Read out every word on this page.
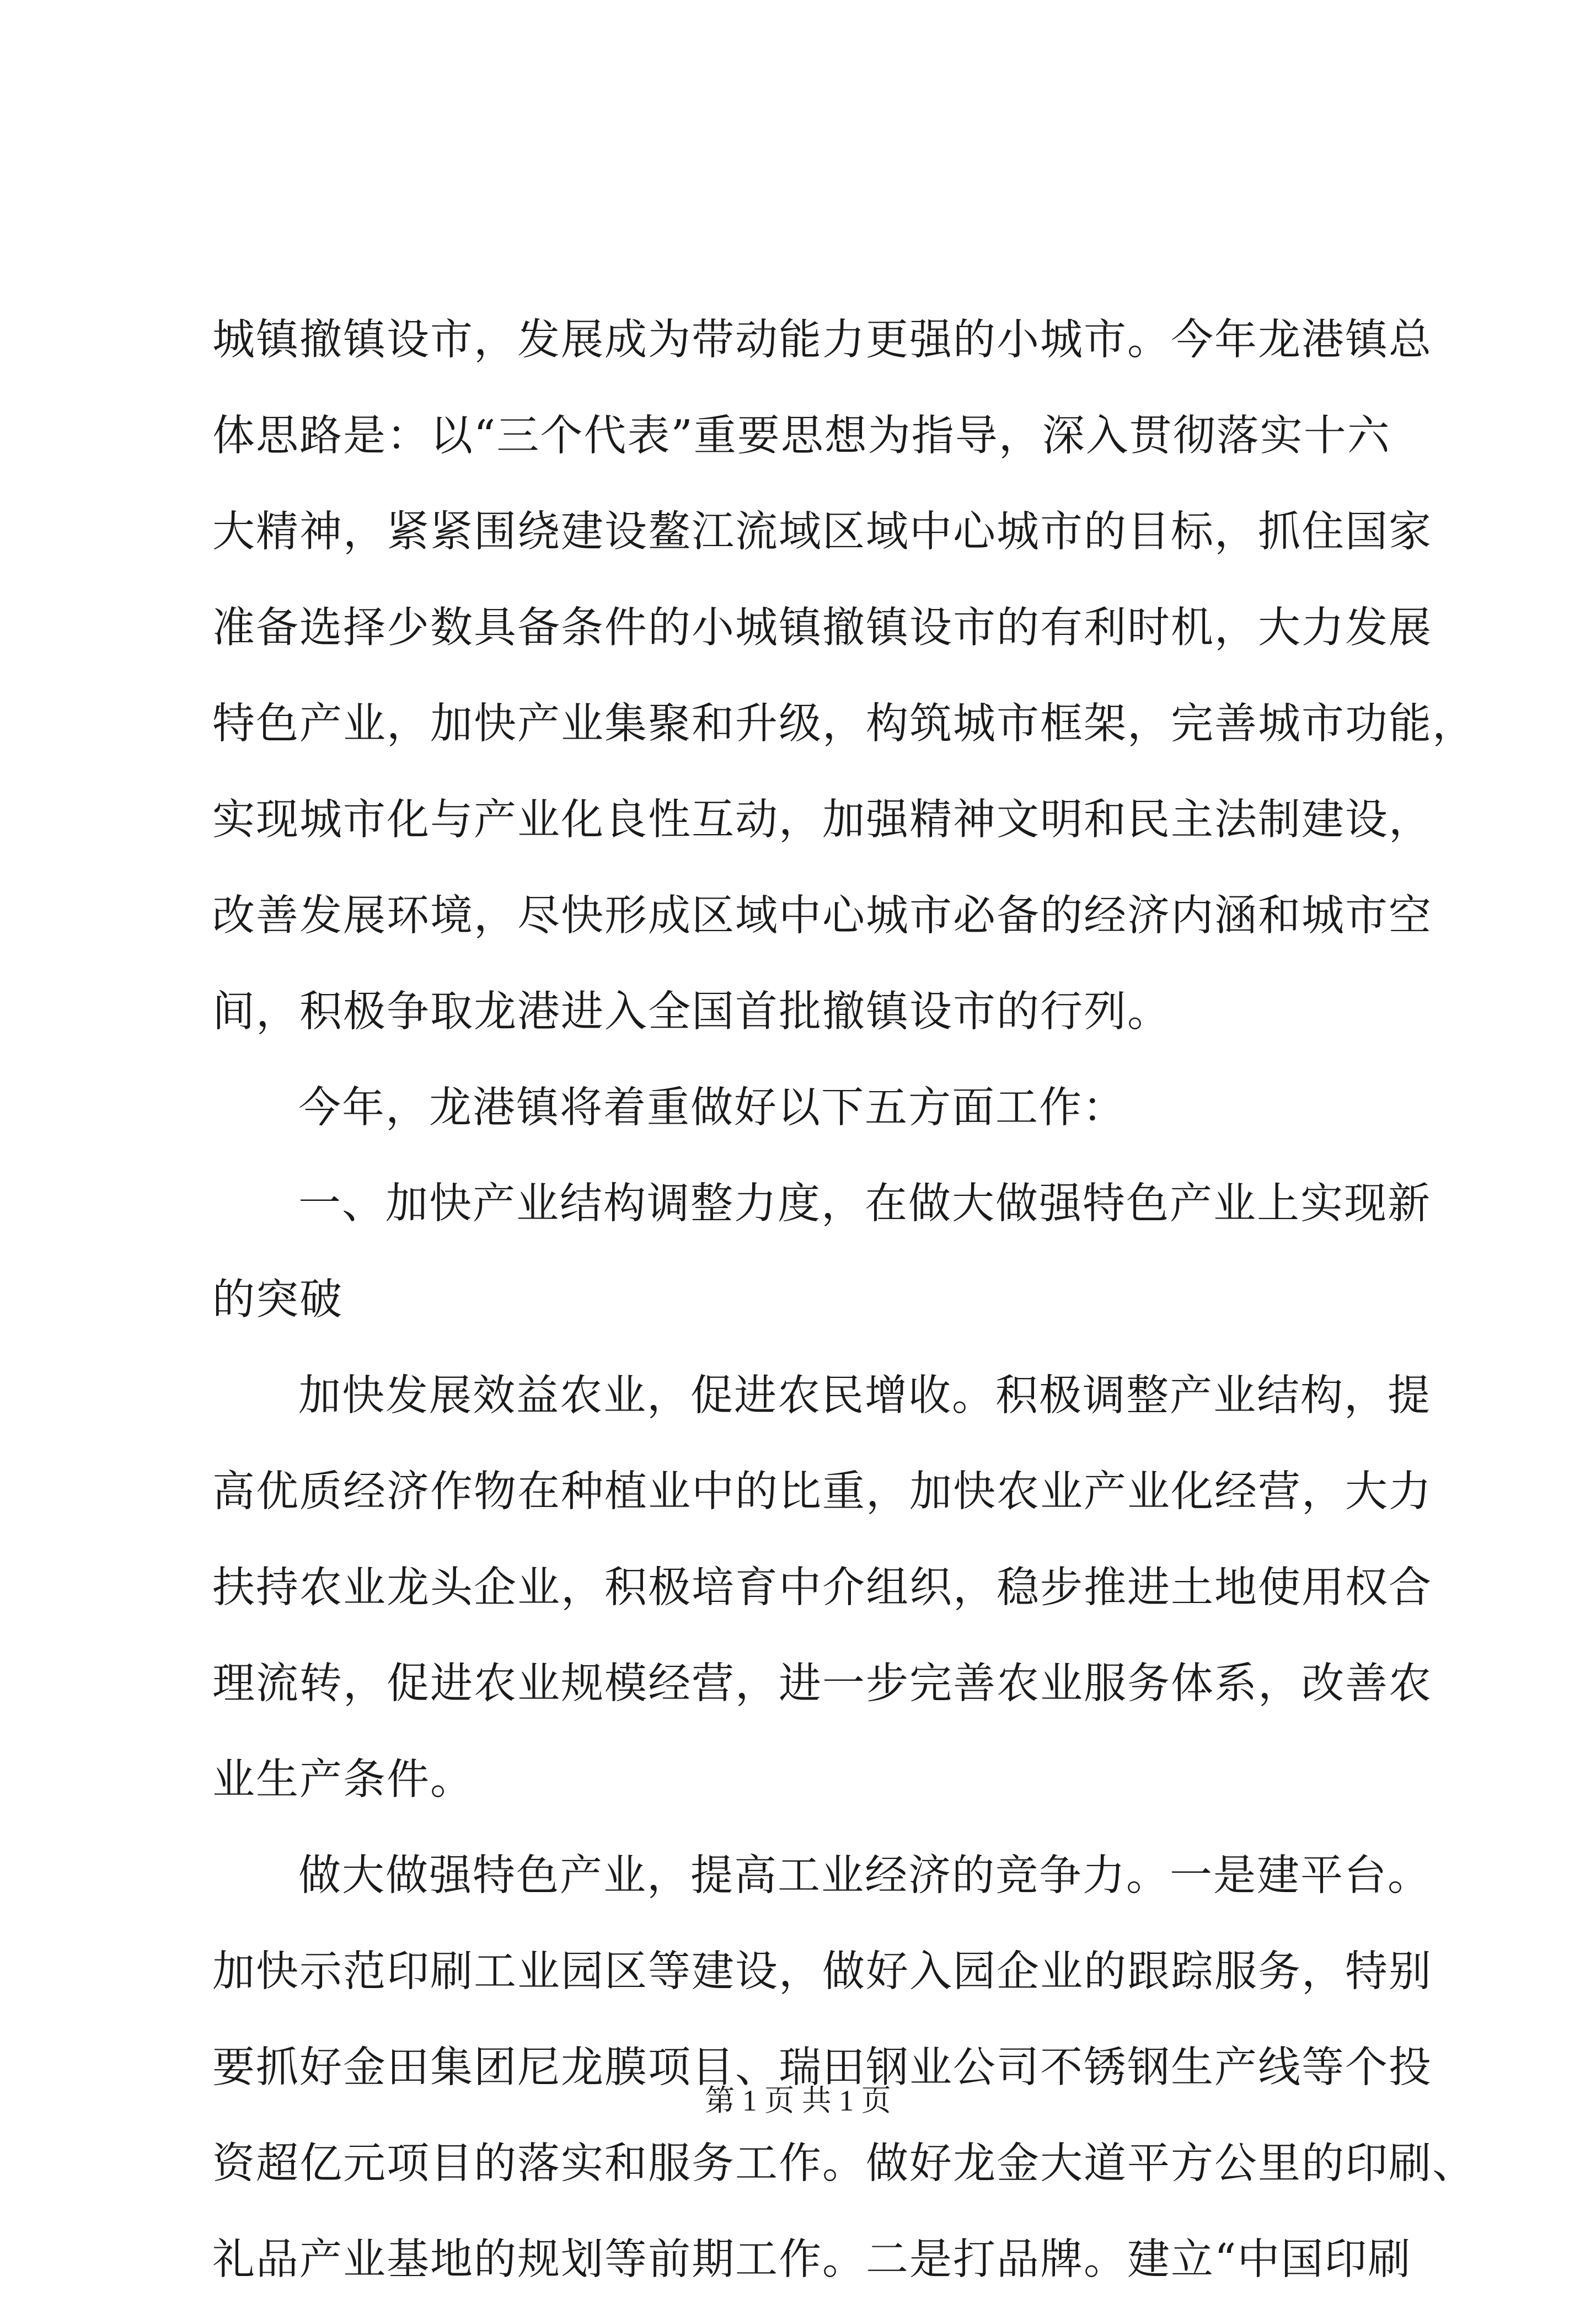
城镇撤镇设市，发展成为带动能力更强的小城市。今年龙港镇总
体思路是：以“三个代表”重要思想为指导，深入贯彻落实十六
大精神，紧紧围绕建设鳌江流域区域中心城市的目标，抓住国家
准备选择少数具备条件的小城镇撤镇设市的有利时机，大力发展
特色产业，加快产业集聚和升级，构筑城市框架，完善城市功能，
实现城市化与产业化良性互动，加强精神文明和民主法制建设，
改善发展环境，尽快形成区域中心城市必备的经济内涵和城市空
间，积极争取龙港进入全国首批撤镇设市的行列。
今年，龙港镇将着重做好以下五方面工作：
一、加快产业结构调整力度，在做大做强特色产业上实现新
的突破
加快发展效益农业，促进农民增收。积极调整产业结构，提
高优质经济作物在种植业中的比重，加快农业产业化经营，大力
扶持农业龙头企业，积极培育中介组织，稳步推进土地使用权合
理流转，促进农业规模经营，进一步完善农业服务体系，改善农
业生产条件。
做大做强特色产业，提高工业经济的竞争力。一是建平台。
加快示范印刷工业园区等建设，做好入园企业的跟踪服务，特别
要抓好金田集团尼龙膜项目、瑞田钢业公司不锈钢生产线等个投
资超亿元项目的落实和服务工作。做好龙金大道平方公里的印刷、
礼品产业基地的规划等前期工作。二是打品牌。建立“中国印刷
第 1 页 共 1 页
